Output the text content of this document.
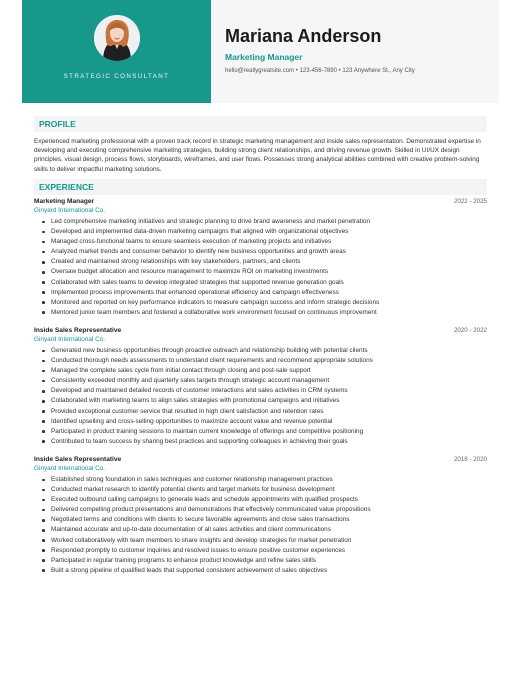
STRATEGIC CONSULTANT
Mariana Anderson
Marketing Manager
hello@reallygreatsite.com • 123-456-7890 • 123 Anywhere St., Any City
PROFILE
Experienced marketing professional with a proven track record in strategic marketing management and inside sales representation. Demonstrated expertise in developing and executing comprehensive marketing strategies, building strong client relationships, and driving revenue growth. Skilled in UI/UX design principles, visual design, process flows, storyboards, wireframes, and user flows. Possesses strong analytical abilities combined with creative problem-solving skills to deliver impactful marketing solutions.
EXPERIENCE
Marketing Manager	2022 - 2025
Ginyard International Co.
Led comprehensive marketing initiatives and strategic planning to drive brand awareness and market penetration
Developed and implemented data-driven marketing campaigns that aligned with organizational objectives
Managed cross-functional teams to ensure seamless execution of marketing projects and initiatives
Analyzed market trends and consumer behavior to identify new business opportunities and growth areas
Created and maintained strong relationships with key stakeholders, partners, and clients
Oversaw budget allocation and resource management to maximize ROI on marketing investments
Collaborated with sales teams to develop integrated strategies that supported revenue generation goals
Implemented process improvements that enhanced operational efficiency and campaign effectiveness
Monitored and reported on key performance indicators to measure campaign success and inform strategic decisions
Mentored junior team members and fostered a collaborative work environment focused on continuous improvement
Inside Sales Representative	2020 - 2022
Ginyard International Co.
Generated new business opportunities through proactive outreach and relationship building with potential clients
Conducted thorough needs assessments to understand client requirements and recommend appropriate solutions
Managed the complete sales cycle from initial contact through closing and post-sale support
Consistently exceeded monthly and quarterly sales targets through strategic account management
Developed and maintained detailed records of customer interactions and sales activities in CRM systems
Collaborated with marketing teams to align sales strategies with promotional campaigns and initiatives
Provided exceptional customer service that resulted in high client satisfaction and retention rates
Identified upselling and cross-selling opportunities to maximize account value and revenue potential
Participated in product training sessions to maintain current knowledge of offerings and competitive positioning
Contributed to team success by sharing best practices and supporting colleagues in achieving their goals
Inside Sales Representative	2018 - 2020
Ginyard International Co.
Established strong foundation in sales techniques and customer relationship management practices
Conducted market research to identify potential clients and target markets for business development
Executed outbound calling campaigns to generate leads and schedule appointments with qualified prospects
Delivered compelling product presentations and demonstrations that effectively communicated value propositions
Negotiated terms and conditions with clients to secure favorable agreements and close sales transactions
Maintained accurate and up-to-date documentation of all sales activities and client communications
Worked collaboratively with team members to share insights and develop strategies for market penetration
Responded promptly to customer inquiries and resolved issues to ensure positive customer experiences
Participated in regular training programs to enhance product knowledge and refine sales skills
Built a strong pipeline of qualified leads that supported consistent achievement of sales objectives
